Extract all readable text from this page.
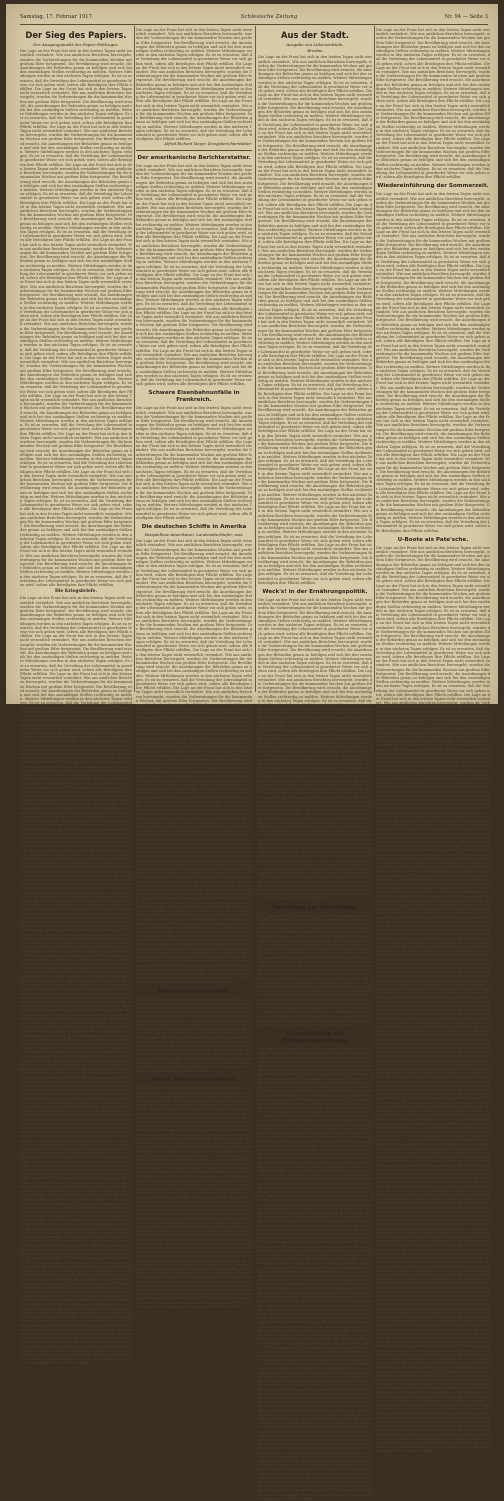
Samstag, 17. Februar 1917.	Schlesische Zeitung	Nr. 94 — Seite 3
Der Sieg des Papiers.
Der Ausgangspunkt des Papier-Feldzuges.
Die Lage an der Front hat sich in den letzten Tagen nicht wesentlich verändert. Wie aus amtlichen Berichten hervorgeht, wurden die Vorbereitungen für die kommenden Wochen mit großem Eifer fortgesetzt. Die Bevölkerung wird ersucht, die Anordnungen der Behörden genau zu befolgen und sich bei den zuständigen Stellen rechtzeitig zu melden. Weitere Mitteilungen werden in den nächsten Tagen erfolgen. Es ist zu erwarten, daß die Verteilung der Lebensmittel in geordneter Weise vor sich gehen wird, sofern alle Beteiligten ihre Pflicht erfüllen. Die Lage an der Front hat sich in den letzten Tagen nicht wesentlich verändert. Wie aus amtlichen Berichten hervorgeht, wurden die Vorbereitungen für die kommenden Wochen mit großem Eifer fortgesetzt. Die Bevölkerung wird ersucht, die Anordnungen der Behörden genau zu befolgen und sich bei den zuständigen Stellen rechtzeitig zu melden. Weitere Mitteilungen werden in den nächsten Tagen erfolgen. Es ist zu erwarten, daß die Verteilung der Lebensmittel in geordneter Weise vor sich gehen wird, sofern alle Beteiligten ihre Pflicht erfüllen. Die Lage an der Front hat sich in den letzten Tagen nicht wesentlich verändert. Wie aus amtlichen Berichten hervorgeht, wurden die Vorbereitungen für die kommenden Wochen mit großem Eifer fortgesetzt. Die Bevölkerung wird ersucht, die Anordnungen der Behörden genau zu befolgen und sich bei den zuständigen Stellen rechtzeitig zu melden. Weitere Mitteilungen werden in den nächsten Tagen erfolgen. Es ist zu erwarten, daß die Verteilung der Lebensmittel in geordneter Weise vor sich gehen wird, sofern alle Beteiligten ihre Pflicht erfüllen. Die Lage an der Front hat sich in den letzten Tagen nicht wesentlich verändert. Wie aus amtlichen Berichten hervorgeht, wurden die Vorbereitungen für die kommenden Wochen mit großem Eifer fortgesetzt. Die Bevölkerung wird ersucht, die Anordnungen der Behörden genau zu befolgen und sich bei den zuständigen Stellen rechtzeitig zu melden. Weitere Mitteilungen werden in den nächsten Tagen erfolgen. Es ist zu erwarten, daß die Verteilung der Lebensmittel in geordneter Weise vor sich gehen wird, sofern alle Beteiligten ihre Pflicht erfüllen. Die Lage an der Front hat sich in den letzten Tagen nicht wesentlich verändert. Wie aus amtlichen Berichten hervorgeht, wurden die Vorbereitungen für die kommenden Wochen mit großem Eifer fortgesetzt. Die Bevölkerung wird ersucht, die Anordnungen der Behörden genau zu befolgen und sich bei den zuständigen Stellen rechtzeitig zu melden. Weitere Mitteilungen werden in den nächsten Tagen erfolgen. Es ist zu erwarten, daß die Verteilung der Lebensmittel in geordneter Weise vor sich gehen wird, sofern alle Beteiligten ihre Pflicht erfüllen. Die Lage an der Front hat sich in den letzten Tagen nicht wesentlich verändert. Wie aus amtlichen Berichten hervorgeht, wurden die Vorbereitungen für die kommenden Wochen mit großem Eifer fortgesetzt. Die Bevölkerung wird ersucht, die Anordnungen der Behörden genau zu befolgen und sich bei den zuständigen Stellen rechtzeitig zu melden. Weitere Mitteilungen werden in den nächsten Tagen erfolgen. Es ist zu erwarten, daß die Verteilung der Lebensmittel in geordneter Weise vor sich gehen wird, sofern alle Beteiligten ihre Pflicht erfüllen. Die Lage an der Front hat sich in den letzten Tagen nicht wesentlich verändert. Wie aus amtlichen Berichten hervorgeht, wurden die Vorbereitungen für die kommenden Wochen mit großem Eifer fortgesetzt. Die Bevölkerung wird ersucht, die Anordnungen der Behörden genau zu befolgen und sich bei den zuständigen Stellen rechtzeitig zu melden. Weitere Mitteilungen werden in den nächsten Tagen erfolgen. Es ist zu erwarten, daß die Verteilung der Lebensmittel in geordneter Weise vor sich gehen wird, sofern alle Beteiligten ihre Pflicht erfüllen. Die Lage an der Front hat sich in den letzten Tagen nicht wesentlich verändert. Wie aus amtlichen Berichten hervorgeht, wurden die Vorbereitungen für die kommenden Wochen mit großem Eifer fortgesetzt. Die Bevölkerung wird ersucht, die Anordnungen der Behörden genau zu befolgen und sich bei den zuständigen Stellen rechtzeitig zu melden. Weitere Mitteilungen werden in den nächsten Tagen erfolgen. Es ist zu erwarten, daß die Verteilung der Lebensmittel in geordneter Weise vor sich gehen wird, sofern alle Beteiligten ihre Pflicht erfüllen. Die Lage an der Front hat sich in den letzten Tagen nicht wesentlich verändert. Wie aus amtlichen Berichten hervorgeht, wurden die Vorbereitungen für die kommenden Wochen mit großem Eifer fortgesetzt. Die Bevölkerung wird ersucht, die Anordnungen der Behörden genau zu befolgen und sich bei den zuständigen Stellen rechtzeitig zu melden. Weitere Mitteilungen werden in den nächsten Tagen erfolgen. Es ist zu erwarten, daß die Verteilung der Lebensmittel in geordneter Weise vor sich gehen wird, sofern alle Beteiligten ihre Pflicht erfüllen. Die Lage an der Front hat sich in den letzten Tagen nicht wesentlich verändert. Wie aus amtlichen Berichten hervorgeht, wurden die Vorbereitungen für die kommenden Wochen mit großem Eifer fortgesetzt. Die Bevölkerung wird ersucht, die Anordnungen der Behörden genau zu befolgen und sich bei den zuständigen Stellen rechtzeitig zu melden. Weitere Mitteilungen werden in den nächsten Tagen erfolgen. Es ist zu erwarten, daß die Verteilung der Lebensmittel in geordneter Weise vor sich gehen wird, sofern alle Beteiligten ihre Pflicht erfüllen. Die Lage an der Front hat sich in den letzten Tagen nicht wesentlich verändert. Wie aus amtlichen Berichten hervorgeht, wurden die Vorbereitungen für die kommenden Wochen mit großem Eifer fortgesetzt. Die Bevölkerung wird ersucht, die Anordnungen der Behörden genau zu befolgen und sich bei den zuständigen Stellen rechtzeitig zu melden. Weitere Mitteilungen werden in den nächsten Tagen erfolgen. Es ist zu erwarten, daß die Verteilung der Lebensmittel in geordneter Weise vor sich gehen wird, sofern alle Beteiligten ihre Pflicht erfüllen. Die Lage an der Front hat sich in den letzten Tagen nicht wesentlich verändert. Wie aus amtlichen Berichten hervorgeht, wurden die Vorbereitungen für die kommenden Wochen mit großem Eifer fortgesetzt. Die Bevölkerung wird ersucht, die Anordnungen der Behörden genau zu befolgen und sich bei den zuständigen Stellen rechtzeitig zu melden. Weitere Mitteilungen werden in den nächsten Tagen erfolgen. Es ist zu erwarten, daß die Verteilung der Lebensmittel in geordneter Weise vor sich gehen wird, sofern alle Beteiligten ihre Pflicht erfüllen. Die Lage an der Front hat sich in den letzten Tagen nicht wesentlich verändert. Wie aus amtlichen Berichten hervorgeht, wurden die Vorbereitungen für die kommenden Wochen mit großem Eifer fortgesetzt. Die Bevölkerung wird ersucht, die Anordnungen der Behörden genau zu befolgen und sich bei den zuständigen Stellen rechtzeitig zu melden. Weitere Mitteilungen werden in den nächsten Tagen erfolgen. Es ist zu erwarten, daß die Verteilung der Lebensmittel in geordneter Weise vor sich gehen wird, sofern alle Beteiligten ihre Pflicht erfüllen. Die Lage an der Front hat sich in den letzten Tagen nicht wesentlich verändert. Wie aus amtlichen Berichten hervorgeht, wurden die Vorbereitungen für die kommenden Wochen mit großem Eifer fortgesetzt. Die Bevölkerung wird ersucht, die Anordnungen der Behörden genau zu befolgen und sich bei den zuständigen Stellen rechtzeitig zu melden. Weitere Mitteilungen werden in den nächsten Tagen erfolgen. Es ist zu erwarten, daß die Verteilung der Lebensmittel in geordneter Weise vor sich gehen wird, sofern alle Beteiligten ihre Pflicht erfüllen.
Die Kriegsbriefe.
Die Lage an der Front hat sich in den letzten Tagen nicht wesentlich verändert. Wie aus amtlichen Berichten hervorgeht, wurden die Vorbereitungen für die kommenden Wochen mit großem Eifer fortgesetzt. Die Bevölkerung wird ersucht, die Anordnungen der Behörden genau zu befolgen und sich bei den zuständigen Stellen rechtzeitig zu melden. Weitere Mitteilungen werden in den nächsten Tagen erfolgen. Es ist zu erwarten, daß die Verteilung der Lebensmittel in geordneter Weise vor sich gehen wird, sofern alle Beteiligten ihre Pflicht erfüllen. Die Lage an der Front hat sich in den letzten Tagen nicht wesentlich verändert. Wie aus amtlichen Berichten hervorgeht, wurden die Vorbereitungen für die kommenden Wochen mit großem Eifer fortgesetzt. Die Bevölkerung wird ersucht, die Anordnungen der Behörden genau zu befolgen und sich bei den zuständigen Stellen rechtzeitig zu melden. Weitere Mitteilungen werden in den nächsten Tagen erfolgen. Es ist zu erwarten, daß die Verteilung der Lebensmittel in geordneter Weise vor sich gehen wird, sofern alle Beteiligten ihre Pflicht erfüllen. Die Lage an der Front hat sich in den letzten Tagen nicht wesentlich verändert. Wie aus amtlichen Berichten hervorgeht, wurden die Vorbereitungen für die kommenden Wochen mit großem Eifer fortgesetzt. Die Bevölkerung wird ersucht, die Anordnungen der Behörden genau zu befolgen und sich bei den zuständigen Stellen rechtzeitig zu melden. Weitere Mitteilungen werden in den nächsten Tagen erfolgen. Es ist zu erwarten, daß die Verteilung der Lebensmittel in geordneter Weise vor sich gehen wird, sofern alle Beteiligten ihre Pflicht erfüllen. Die Lage an der Front hat sich in den letzten Tagen nicht wesentlich verändert. Wie aus amtlichen Berichten hervorgeht, wurden die Vorbereitungen für die kommenden Wochen mit großem Eifer fortgesetzt. Die Bevölkerung wird ersucht, die Anordnungen der Behörden genau zu befolgen und sich bei den zuständigen Stellen rechtzeitig zu melden. Weitere Mitteilungen werden in den nächsten Tagen erfolgen. Es ist zu erwarten, daß die Verteilung der Lebensmittel in geordneter Weise vor sich gehen wird, sofern alle Beteiligten ihre Pflicht erfüllen. Die Lage an der Front hat sich in den letzten Tagen nicht wesentlich verändert. Wie aus amtlichen Berichten hervorgeht, wurden die Vorbereitungen für die kommenden Wochen mit großem Eifer fortgesetzt. Die Bevölkerung wird ersucht, die Anordnungen der Behörden genau zu befolgen und sich bei den zuständigen Stellen rechtzeitig zu melden. Weitere Mitteilungen werden in den nächsten Tagen erfolgen. Es ist zu erwarten, daß die Verteilung der Lebensmittel in geordneter Weise vor sich gehen wird, sofern alle Beteiligten ihre Pflicht erfüllen. Die Lage an der Front hat sich in den letzten Tagen nicht wesentlich verändert. Wie aus amtlichen Berichten hervorgeht, wurden die Vorbereitungen für die kommenden Wochen mit großem Eifer fortgesetzt. Die Bevölkerung wird ersucht, die Anordnungen der Behörden genau zu befolgen und sich bei den zuständigen Stellen rechtzeitig zu melden. Weitere Mitteilungen werden in den nächsten Tagen erfolgen. Es ist zu erwarten, daß die Verteilung der Lebensmittel in geordneter Weise vor sich gehen wird, sofern alle Beteiligten ihre Pflicht erfüllen. Die Lage an der Front hat sich in den letzten Tagen nicht wesentlich verändert. Wie aus amtlichen Berichten hervorgeht, wurden die Vorbereitungen für die kommenden Wochen mit großem Eifer fortgesetzt. Die Bevölkerung wird ersucht, die Anordnungen der Behörden genau zu befolgen und sich bei den zuständigen Stellen rechtzeitig zu melden. Weitere Mitteilungen werden in den nächsten Tagen erfolgen. Es ist zu erwarten, daß die Verteilung der Lebensmittel in geordneter Weise vor sich gehen wird, sofern alle Beteiligten ihre Pflicht erfüllen. Die Lage an der Front hat sich in den letzten Tagen nicht wesentlich verändert. Wie aus amtlichen Berichten hervorgeht, wurden die Vorbereitungen für die kommenden Wochen mit großem Eifer fortgesetzt. Die Bevölkerung wird ersucht, die Anordnungen der Behörden genau zu befolgen und sich bei den zuständigen Stellen rechtzeitig zu melden. Weitere Mitteilungen werden in den nächsten Tagen erfolgen. Es ist zu erwarten, daß die Verteilung der Lebensmittel in geordneter Weise vor sich gehen wird, sofern alle Beteiligten ihre Pflicht erfüllen. Die Lage an der Front hat sich in den letzten Tagen nicht wesentlich verändert. Wie aus amtlichen Berichten hervorgeht, wurden die Vorbereitungen für die kommenden Wochen mit großem Eifer fortgesetzt. Die Bevölkerung wird ersucht, die Anordnungen der Behörden genau zu befolgen und sich bei den zuständigen Stellen rechtzeitig zu melden. Weitere Mitteilungen werden in den nächsten Tagen erfolgen. Es ist zu erwarten, daß die Verteilung der Lebensmittel in geordneter Weise vor sich gehen wird, sofern alle Beteiligten ihre Pflicht erfüllen. Die Lage an der Front hat sich in den letzten Tagen nicht wesentlich verändert. Wie aus amtlichen Berichten hervorgeht, wurden die Vorbereitungen für die kommenden Wochen mit großem Eifer fortgesetzt. Die Bevölkerung wird ersucht, die Anordnungen der Behörden genau zu befolgen und sich bei den zuständigen Stellen rechtzeitig zu melden. Weitere Mitteilungen werden in den nächsten Tagen erfolgen. Es ist zu erwarten, daß die Verteilung der Lebensmittel in geordneter Weise vor sich gehen wird, sofern alle Beteiligten ihre Pflicht erfüllen. Die Lage an der Front hat sich in den letzten Tagen nicht wesentlich verändert. Wie aus amtlichen Berichten hervorgeht, wurden die Vorbereitungen für die kommenden Wochen mit großem Eifer fortgesetzt. Die Bevölkerung wird ersucht, die Anordnungen der Behörden genau zu befolgen und sich bei den zuständigen Stellen rechtzeitig zu melden. Weitere Mitteilungen werden in den nächsten Tagen erfolgen. Es ist zu erwarten, daß die Verteilung der Lebensmittel in geordneter Weise vor sich gehen wird, sofern alle Beteiligten ihre Pflicht erfüllen. Die Lage an der Front hat sich in den letzten Tagen nicht wesentlich verändert. Wie aus amtlichen Berichten hervorgeht, wurden die Vorbereitungen für die kommenden Wochen mit großem Eifer fortgesetzt. Die Bevölkerung wird ersucht, die Anordnungen der Behörden genau zu befolgen und sich bei den zuständigen Stellen rechtzeitig zu melden. Weitere Mitteilungen werden in den nächsten Tagen erfolgen. Es ist zu erwarten, daß die Verteilung der Lebensmittel in geordneter Weise vor sich gehen wird, sofern alle Beteiligten ihre Pflicht erfüllen. Die Lage an der Front hat sich in den letzten Tagen nicht wesentlich verändert. Wie aus amtlichen Berichten hervorgeht, wurden die Vorbereitungen für die kommenden Wochen mit großem Eifer fortgesetzt. Die Bevölkerung wird ersucht, die Anordnungen der Behörden genau zu befolgen und sich bei den zuständigen Stellen rechtzeitig zu melden. Weitere Mitteilungen werden in den nächsten Tagen erfolgen. Es ist zu erwarten, daß die Verteilung der Lebensmittel in geordneter Weise vor sich gehen wird, sofern alle Beteiligten ihre Pflicht erfüllen. Die Lage an der Front hat sich in den letzten Tagen nicht wesentlich verändert. Wie aus amtlichen Berichten hervorgeht, wurden die Vorbereitungen für die kommenden Wochen mit großem Eifer fortgesetzt. Die Bevölkerung wird ersucht, die Anordnungen der Behörden genau zu befolgen und sich bei den zuständigen Stellen rechtzeitig zu melden. Weitere Mitteilungen werden in den nächsten Tagen erfolgen. Es ist zu erwarten, daß die Verteilung der Lebensmittel in geordneter Weise vor sich gehen wird, sofern alle Beteiligten ihre Pflicht erfüllen. Die Lage an der Front hat sich in den letzten Tagen nicht wesentlich verändert. Wie aus amtlichen Berichten hervorgeht, wurden die Vorbereitungen für die kommenden Wochen mit großem Eifer fortgesetzt. Die Bevölkerung wird ersucht, die Anordnungen der Behörden genau zu befolgen und sich bei den zuständigen Stellen rechtzeitig zu melden. Weitere Mitteilungen werden in den nächsten Tagen erfolgen. Es ist zu erwarten, daß die Verteilung der Lebensmittel in geordneter Weise vor sich gehen wird, sofern alle Beteiligten ihre Pflicht erfüllen. Die Lage an der Front hat sich in den letzten Tagen nicht wesentlich verändert. Wie aus amtlichen Berichten hervorgeht, wurden die Vorbereitungen für die kommenden Wochen mit großem Eifer fortgesetzt. Die Bevölkerung wird ersucht, die Anordnungen der Behörden genau zu befolgen und sich bei den zuständigen Stellen rechtzeitig zu melden. Weitere Mitteilungen werden in den nächsten Tagen erfolgen. Es ist zu erwarten, daß die Verteilung der Lebensmittel in geordneter Weise vor sich gehen wird, sofern alle Beteiligten ihre Pflicht erfüllen. Die Lage an der Front hat sich in den letzten Tagen nicht wesentlich verändert. Wie aus amtlichen Berichten hervorgeht, wurden die Vorbereitungen für die kommenden Wochen mit großem Eifer fortgesetzt. Die Bevölkerung wird ersucht, die Anordnungen der Behörden genau zu befolgen und sich bei den zuständigen Stellen rechtzeitig zu melden. Weitere Mitteilungen werden in den nächsten Tagen erfolgen. Es ist zu erwarten, daß die Verteilung der Lebensmittel in geordneter Weise vor sich gehen wird, sofern alle Beteiligten ihre Pflicht erfüllen. Die Lage an der Front hat sich in den letzten Tagen nicht wesentlich verändert. Wie aus amtlichen Berichten hervorgeht, wurden die Vorbereitungen für die kommenden Wochen mit großem Eifer fortgesetzt. Die Bevölkerung wird ersucht, die Anordnungen der Behörden genau zu befolgen und sich bei den zuständigen Stellen rechtzeitig zu melden. Weitere Mitteilungen werden in den nächsten Tagen erfolgen. Es ist zu erwarten, daß die Verteilung der Lebensmittel in geordneter Weise vor sich gehen wird, sofern alle Beteiligten ihre Pflicht erfüllen. Die Lage an der Front hat sich in den letzten Tagen nicht wesentlich verändert. Wie aus amtlichen Berichten hervorgeht, wurden die Vorbereitungen für die kommenden Wochen mit großem Eifer fortgesetzt. Die Bevölkerung wird ersucht, die Anordnungen der Behörden genau zu befolgen und sich bei den zuständigen Stellen rechtzeitig zu melden. Weitere Mitteilungen werden in den nächsten Tagen erfolgen. Es ist zu erwarten, daß die Verteilung der Lebensmittel in geordneter Weise vor sich gehen wird, sofern alle Beteiligten ihre Pflicht erfüllen. Die Lage an der Front hat sich in den letzten Tagen nicht wesentlich verändert. Wie aus amtlichen Berichten hervorgeht, wurden die Vorbereitungen für die kommenden Wochen mit großem Eifer fortgesetzt. Die Bevölkerung wird ersucht, die Anordnungen der Behörden genau zu befolgen und sich bei den zuständigen Stellen rechtzeitig zu melden. Weitere Mitteilungen werden in den nächsten Tagen erfolgen. Es ist zu erwarten, daß die Verteilung der Lebensmittel in geordneter Weise vor sich gehen wird, sofern alle Beteiligten ihre Pflicht erfüllen.
Die Lage an der Front hat sich in den letzten Tagen nicht wesentlich verändert. Wie aus amtlichen Berichten hervorgeht, wurden die Vorbereitungen für die kommenden Wochen mit großem Eifer fortgesetzt. Die Bevölkerung wird ersucht, die Anordnungen der Behörden genau zu befolgen und sich bei den zuständigen Stellen rechtzeitig zu melden. Weitere Mitteilungen werden in den nächsten Tagen erfolgen. Es ist zu erwarten, daß die Verteilung der Lebensmittel in geordneter Weise vor sich gehen wird, sofern alle Beteiligten ihre Pflicht erfüllen. Die Lage an der Front hat sich in den letzten Tagen nicht wesentlich verändert. Wie aus amtlichen Berichten hervorgeht, wurden die Vorbereitungen für die kommenden Wochen mit großem Eifer fortgesetzt. Die Bevölkerung wird ersucht, die Anordnungen der Behörden genau zu befolgen und sich bei den zuständigen Stellen rechtzeitig zu melden. Weitere Mitteilungen werden in den nächsten Tagen erfolgen. Es ist zu erwarten, daß die Verteilung der Lebensmittel in geordneter Weise vor sich gehen wird, sofern alle Beteiligten ihre Pflicht erfüllen. Die Lage an der Front hat sich in den letzten Tagen nicht wesentlich verändert. Wie aus amtlichen Berichten hervorgeht, wurden die Vorbereitungen für die kommenden Wochen mit großem Eifer fortgesetzt. Die Bevölkerung wird ersucht, die Anordnungen der Behörden genau zu befolgen und sich bei den zuständigen Stellen rechtzeitig zu melden. Weitere Mitteilungen werden in den nächsten Tagen erfolgen. Es ist zu erwarten, daß die Verteilung der Lebensmittel in geordneter Weise vor sich gehen wird, sofern alle Beteiligten ihre Pflicht erfüllen.
Alfred Richard Meyer, Kriegsberichterstatter.
Der amerikanische Berichterstatter.
Die Lage an der Front hat sich in den letzten Tagen nicht wesentlich verändert. Wie aus amtlichen Berichten hervorgeht, wurden die Vorbereitungen für die kommenden Wochen mit großem Eifer fortgesetzt. Die Bevölkerung wird ersucht, die Anordnungen der Behörden genau zu befolgen und sich bei den zuständigen Stellen rechtzeitig zu melden. Weitere Mitteilungen werden in den nächsten Tagen erfolgen. Es ist zu erwarten, daß die Verteilung der Lebensmittel in geordneter Weise vor sich gehen wird, sofern alle Beteiligten ihre Pflicht erfüllen. Die Lage an der Front hat sich in den letzten Tagen nicht wesentlich verändert. Wie aus amtlichen Berichten hervorgeht, wurden die Vorbereitungen für die kommenden Wochen mit großem Eifer fortgesetzt. Die Bevölkerung wird ersucht, die Anordnungen der Behörden genau zu befolgen und sich bei den zuständigen Stellen rechtzeitig zu melden. Weitere Mitteilungen werden in den nächsten Tagen erfolgen. Es ist zu erwarten, daß die Verteilung der Lebensmittel in geordneter Weise vor sich gehen wird, sofern alle Beteiligten ihre Pflicht erfüllen. Die Lage an der Front hat sich in den letzten Tagen nicht wesentlich verändert. Wie aus amtlichen Berichten hervorgeht, wurden die Vorbereitungen für die kommenden Wochen mit großem Eifer fortgesetzt. Die Bevölkerung wird ersucht, die Anordnungen der Behörden genau zu befolgen und sich bei den zuständigen Stellen rechtzeitig zu melden. Weitere Mitteilungen werden in den nächsten Tagen erfolgen. Es ist zu erwarten, daß die Verteilung der Lebensmittel in geordneter Weise vor sich gehen wird, sofern alle Beteiligten ihre Pflicht erfüllen. Die Lage an der Front hat sich in den letzten Tagen nicht wesentlich verändert. Wie aus amtlichen Berichten hervorgeht, wurden die Vorbereitungen für die kommenden Wochen mit großem Eifer fortgesetzt. Die Bevölkerung wird ersucht, die Anordnungen der Behörden genau zu befolgen und sich bei den zuständigen Stellen rechtzeitig zu melden. Weitere Mitteilungen werden in den nächsten Tagen erfolgen. Es ist zu erwarten, daß die Verteilung der Lebensmittel in geordneter Weise vor sich gehen wird, sofern alle Beteiligten ihre Pflicht erfüllen. Die Lage an der Front hat sich in den letzten Tagen nicht wesentlich verändert. Wie aus amtlichen Berichten hervorgeht, wurden die Vorbereitungen für die kommenden Wochen mit großem Eifer fortgesetzt. Die Bevölkerung wird ersucht, die Anordnungen der Behörden genau zu befolgen und sich bei den zuständigen Stellen rechtzeitig zu melden. Weitere Mitteilungen werden in den nächsten Tagen erfolgen. Es ist zu erwarten, daß die Verteilung der Lebensmittel in geordneter Weise vor sich gehen wird, sofern alle Beteiligten ihre Pflicht erfüllen. Die Lage an der Front hat sich in den letzten Tagen nicht wesentlich verändert. Wie aus amtlichen Berichten hervorgeht, wurden die Vorbereitungen für die kommenden Wochen mit großem Eifer fortgesetzt. Die Bevölkerung wird ersucht, die Anordnungen der Behörden genau zu befolgen und sich bei den zuständigen Stellen rechtzeitig zu melden. Weitere Mitteilungen werden in den nächsten Tagen erfolgen. Es ist zu erwarten, daß die Verteilung der Lebensmittel in geordneter Weise vor sich gehen wird, sofern alle Beteiligten ihre Pflicht erfüllen.
Schwere Eisenbahnunfälle in Frankreich.
Die Lage an der Front hat sich in den letzten Tagen nicht wesentlich verändert. Wie aus amtlichen Berichten hervorgeht, wurden die Vorbereitungen für die kommenden Wochen mit großem Eifer fortgesetzt. Die Bevölkerung wird ersucht, die Anordnungen der Behörden genau zu befolgen und sich bei den zuständigen Stellen rechtzeitig zu melden. Weitere Mitteilungen werden in den nächsten Tagen erfolgen. Es ist zu erwarten, daß die Verteilung der Lebensmittel in geordneter Weise vor sich gehen wird, sofern alle Beteiligten ihre Pflicht erfüllen. Die Lage an der Front hat sich in den letzten Tagen nicht wesentlich verändert. Wie aus amtlichen Berichten hervorgeht, wurden die Vorbereitungen für die kommenden Wochen mit großem Eifer fortgesetzt. Die Bevölkerung wird ersucht, die Anordnungen der Behörden genau zu befolgen und sich bei den zuständigen Stellen rechtzeitig zu melden. Weitere Mitteilungen werden in den nächsten Tagen erfolgen. Es ist zu erwarten, daß die Verteilung der Lebensmittel in geordneter Weise vor sich gehen wird, sofern alle Beteiligten ihre Pflicht erfüllen. Die Lage an der Front hat sich in den letzten Tagen nicht wesentlich verändert. Wie aus amtlichen Berichten hervorgeht, wurden die Vorbereitungen für die kommenden Wochen mit großem Eifer fortgesetzt. Die Bevölkerung wird ersucht, die Anordnungen der Behörden genau zu befolgen und sich bei den zuständigen Stellen rechtzeitig zu melden. Weitere Mitteilungen werden in den nächsten Tagen erfolgen. Es ist zu erwarten, daß die Verteilung der Lebensmittel in geordneter Weise vor sich gehen wird, sofern alle Beteiligten ihre Pflicht erfüllen.
Die deutschen Schiffe in Amerika
Beispiellose Amerikaner, Landesüberläufer, usw.
Die Lage an der Front hat sich in den letzten Tagen nicht wesentlich verändert. Wie aus amtlichen Berichten hervorgeht, wurden die Vorbereitungen für die kommenden Wochen mit großem Eifer fortgesetzt. Die Bevölkerung wird ersucht, die Anordnungen der Behörden genau zu befolgen und sich bei den zuständigen Stellen rechtzeitig zu melden. Weitere Mitteilungen werden in den nächsten Tagen erfolgen. Es ist zu erwarten, daß die Verteilung der Lebensmittel in geordneter Weise vor sich gehen wird, sofern alle Beteiligten ihre Pflicht erfüllen. Die Lage an der Front hat sich in den letzten Tagen nicht wesentlich verändert. Wie aus amtlichen Berichten hervorgeht, wurden die Vorbereitungen für die kommenden Wochen mit großem Eifer fortgesetzt. Die Bevölkerung wird ersucht, die Anordnungen der Behörden genau zu befolgen und sich bei den zuständigen Stellen rechtzeitig zu melden. Weitere Mitteilungen werden in den nächsten Tagen erfolgen. Es ist zu erwarten, daß die Verteilung der Lebensmittel in geordneter Weise vor sich gehen wird, sofern alle Beteiligten ihre Pflicht erfüllen. Die Lage an der Front hat sich in den letzten Tagen nicht wesentlich verändert. Wie aus amtlichen Berichten hervorgeht, wurden die Vorbereitungen für die kommenden Wochen mit großem Eifer fortgesetzt. Die Bevölkerung wird ersucht, die Anordnungen der Behörden genau zu befolgen und sich bei den zuständigen Stellen rechtzeitig zu melden. Weitere Mitteilungen werden in den nächsten Tagen erfolgen. Es ist zu erwarten, daß die Verteilung der Lebensmittel in geordneter Weise vor sich gehen wird, sofern alle Beteiligten ihre Pflicht erfüllen. Die Lage an der Front hat sich in den letzten Tagen nicht wesentlich verändert. Wie aus amtlichen Berichten hervorgeht, wurden die Vorbereitungen für die kommenden Wochen mit großem Eifer fortgesetzt. Die Bevölkerung wird ersucht, die Anordnungen der Behörden genau zu befolgen und sich bei den zuständigen Stellen rechtzeitig zu melden. Weitere Mitteilungen werden in den nächsten Tagen erfolgen. Es ist zu erwarten, daß die Verteilung der Lebensmittel in geordneter Weise vor sich gehen wird, sofern alle Beteiligten ihre Pflicht erfüllen. Die Lage an der Front hat sich in den letzten Tagen nicht wesentlich verändert. Wie aus amtlichen Berichten hervorgeht, wurden die Vorbereitungen für die kommenden Wochen mit großem Eifer fortgesetzt. Die Bevölkerung wird ersucht, die Anordnungen der Behörden genau zu befolgen und sich bei den zuständigen Stellen rechtzeitig zu melden. Weitere Mitteilungen werden in den nächsten Tagen erfolgen. Es ist zu erwarten, daß die Verteilung der Lebensmittel in geordneter Weise vor sich gehen wird, sofern alle Beteiligten ihre Pflicht erfüllen. Die Lage an der Front hat sich in den letzten Tagen nicht wesentlich verändert. Wie aus amtlichen Berichten hervorgeht, wurden die Vorbereitungen für die kommenden Wochen mit großem Eifer fortgesetzt. Die Bevölkerung wird ersucht, die Anordnungen der Behörden genau zu befolgen und sich bei den zuständigen Stellen rechtzeitig zu melden. Weitere Mitteilungen werden in den nächsten Tagen erfolgen. Es ist zu erwarten, daß die Verteilung der Lebensmittel in geordneter Weise vor sich gehen wird, sofern alle Beteiligten ihre Pflicht erfüllen. Die Lage an der Front hat sich in den letzten Tagen nicht wesentlich verändert. Wie aus amtlichen Berichten hervorgeht, wurden die Vorbereitungen für die kommenden Wochen mit großem Eifer fortgesetzt. Die Bevölkerung wird ersucht, die Anordnungen der Behörden genau zu befolgen und sich bei den zuständigen Stellen rechtzeitig zu melden. Weitere Mitteilungen werden in den nächsten Tagen erfolgen. Es ist zu erwarten, daß die Verteilung der Lebensmittel in geordneter Weise vor sich gehen wird, sofern alle Beteiligten ihre Pflicht erfüllen. Die Lage an der Front hat sich in den letzten Tagen nicht wesentlich verändert. Wie aus amtlichen Berichten hervorgeht, wurden die Vorbereitungen für die kommenden Wochen mit großem Eifer fortgesetzt. Die Bevölkerung wird ersucht, die Anordnungen der Behörden genau zu befolgen und sich bei den zuständigen Stellen rechtzeitig zu melden. Weitere Mitteilungen werden in den nächsten Tagen erfolgen. Es ist zu erwarten, daß die Verteilung der Lebensmittel in geordneter Weise vor sich gehen wird, sofern alle Beteiligten ihre Pflicht erfüllen. Die Lage an der Front hat sich in den letzten Tagen nicht wesentlich verändert. Wie aus amtlichen Berichten hervorgeht, wurden die Vorbereitungen für die kommenden Wochen mit großem Eifer fortgesetzt. Die Bevölkerung wird ersucht, die Anordnungen der Behörden genau zu befolgen und sich bei den zuständigen Stellen rechtzeitig zu melden. Weitere Mitteilungen werden in den nächsten Tagen erfolgen. Es ist zu erwarten, daß die Verteilung der Lebensmittel in geordneter Weise vor sich gehen wird, sofern alle Beteiligten ihre Pflicht erfüllen. Die Lage an der Front hat sich in den letzten Tagen nicht wesentlich verändert. Wie aus amtlichen Berichten hervorgeht, wurden die Vorbereitungen für die kommenden Wochen mit großem Eifer fortgesetzt. Die Bevölkerung wird ersucht, die Anordnungen der Behörden genau zu befolgen und sich bei den zuständigen Stellen rechtzeitig zu melden. Weitere Mitteilungen werden in den nächsten Tagen erfolgen. Es ist zu erwarten, daß die Verteilung der Lebensmittel in geordneter Weise vor sich gehen wird, sofern alle Beteiligten ihre Pflicht erfüllen. Die Lage an der Front hat sich in den letzten Tagen nicht wesentlich verändert. Wie aus amtlichen Berichten hervorgeht, wurden die Vorbereitungen für die kommenden Wochen mit großem Eifer fortgesetzt. Die Bevölkerung wird ersucht, die Anordnungen der Behörden genau zu befolgen und sich bei den zuständigen Stellen rechtzeitig zu melden. Weitere Mitteilungen werden in den nächsten Tagen erfolgen. Es ist zu erwarten, daß die Verteilung der Lebensmittel in geordneter Weise vor sich gehen wird, sofern alle Beteiligten ihre Pflicht erfüllen. Die Lage an der Front hat sich in den letzten Tagen nicht wesentlich verändert. Wie aus amtlichen Berichten hervorgeht, wurden die Vorbereitungen für die kommenden Wochen mit großem Eifer fortgesetzt. Die Bevölkerung wird ersucht, die Anordnungen der Behörden genau zu befolgen und sich bei den zuständigen Stellen rechtzeitig zu melden. Weitere Mitteilungen werden in den nächsten Tagen erfolgen. Es ist zu erwarten, daß die Verteilung der Lebensmittel in geordneter Weise vor sich gehen wird, sofern alle Beteiligten ihre Pflicht erfüllen.
Hochschulnachrichten.
Die Lage an der Front hat sich in den letzten Tagen nicht wesentlich verändert. Wie aus amtlichen Berichten hervorgeht, wurden die Vorbereitungen für die kommenden Wochen mit großem Eifer fortgesetzt. Die Bevölkerung wird ersucht, die Anordnungen der Behörden genau zu befolgen und sich bei den zuständigen Stellen rechtzeitig zu melden. Weitere Mitteilungen werden in den nächsten Tagen erfolgen. Es ist zu erwarten, daß die Verteilung der Lebensmittel in geordneter Weise vor sich gehen wird, sofern alle Beteiligten ihre Pflicht erfüllen. Die Lage an der Front hat sich in den letzten Tagen nicht wesentlich verändert. Wie aus amtlichen Berichten hervorgeht, wurden die Vorbereitungen für die kommenden Wochen mit großem Eifer fortgesetzt. Die Bevölkerung wird ersucht, die Anordnungen der Behörden genau zu befolgen und sich bei den zuständigen Stellen rechtzeitig zu melden. Weitere Mitteilungen werden in den nächsten Tagen erfolgen. Es ist zu erwarten, daß die Verteilung der Lebensmittel in geordneter Weise vor sich gehen wird, sofern alle Beteiligten ihre Pflicht erfüllen.
Kleine Theaternachrichten.
Die Lage an der Front hat sich in den letzten Tagen nicht wesentlich verändert. Wie aus amtlichen Berichten hervorgeht, wurden die Vorbereitungen für die kommenden Wochen mit großem Eifer fortgesetzt. Die Bevölkerung wird ersucht, die Anordnungen der Behörden genau zu befolgen und sich bei den zuständigen Stellen rechtzeitig zu melden. Weitere Mitteilungen werden in den nächsten Tagen erfolgen. Es ist zu erwarten, daß die Verteilung der Lebensmittel in geordneter Weise vor sich gehen wird, sofern alle Beteiligten ihre Pflicht erfüllen. Die Lage an der Front hat sich in den letzten Tagen nicht wesentlich verändert. Wie aus amtlichen Berichten hervorgeht, wurden die Vorbereitungen für die kommenden Wochen mit großem Eifer fortgesetzt. Die Bevölkerung wird ersucht, die Anordnungen der Behörden genau zu befolgen und sich bei den zuständigen Stellen rechtzeitig zu melden. Weitere Mitteilungen werden in den nächsten Tagen erfolgen. Es ist zu erwarten, daß die Verteilung der Lebensmittel in geordneter Weise vor sich gehen wird, sofern alle Beteiligten ihre Pflicht erfüllen. Die Lage an der Front hat sich in den letzten Tagen nicht wesentlich verändert. Wie aus amtlichen Berichten hervorgeht, wurden die Vorbereitungen für die kommenden Wochen mit großem Eifer fortgesetzt. Die Bevölkerung wird ersucht, die Anordnungen der Behörden genau zu befolgen und sich bei den zuständigen Stellen rechtzeitig zu melden. Weitere Mitteilungen werden in den nächsten Tagen erfolgen. Es ist zu erwarten, daß die Verteilung der Lebensmittel in geordneter Weise vor sich gehen wird, sofern alle Beteiligten ihre Pflicht erfüllen. Die Lage an der Front hat sich in den letzten Tagen nicht wesentlich verändert. Wie aus amtlichen Berichten hervorgeht, wurden die Vorbereitungen für die kommenden Wochen mit großem Eifer fortgesetzt. Die Bevölkerung wird ersucht, die Anordnungen der Behörden genau zu befolgen und sich bei den zuständigen Stellen rechtzeitig zu melden. Weitere Mitteilungen werden in den nächsten Tagen erfolgen. Es ist zu erwarten, daß die Verteilung der Lebensmittel in geordneter Weise vor sich gehen wird, sofern alle Beteiligten ihre Pflicht erfüllen. Die Lage an der Front hat sich in den letzten Tagen nicht wesentlich verändert. Wie aus amtlichen Berichten hervorgeht, wurden die Vorbereitungen für die kommenden Wochen mit großem Eifer fortgesetzt. Die Bevölkerung wird ersucht, die Anordnungen der Behörden genau zu befolgen und sich bei den zuständigen Stellen rechtzeitig zu melden. Weitere Mitteilungen werden in den nächsten Tagen erfolgen. Es ist zu erwarten, daß die Verteilung der Lebensmittel in geordneter Weise vor sich gehen wird, sofern alle Beteiligten ihre Pflicht erfüllen. Die Lage an der Front hat sich in den letzten Tagen nicht wesentlich verändert. Wie aus amtlichen Berichten hervorgeht, wurden die Vorbereitungen für die kommenden Wochen mit großem Eifer fortgesetzt. Die Bevölkerung wird ersucht, die Anordnungen der Behörden genau zu befolgen und sich bei den zuständigen Stellen rechtzeitig zu melden. Weitere Mitteilungen werden in den nächsten Tagen erfolgen. Es ist zu erwarten, daß die Verteilung der Lebensmittel in geordneter Weise vor sich gehen wird, sofern alle Beteiligten ihre Pflicht erfüllen.
Aus der Stadt.
Ausgabe von Lebensmitteln.
Breslau
Die Lage an der Front hat sich in den letzten Tagen nicht wesentlich verändert. Wie aus amtlichen Berichten hervorgeht, wurden die Vorbereitungen für die kommenden Wochen mit großem Eifer fortgesetzt. Die Bevölkerung wird ersucht, die Anordnungen der Behörden genau zu befolgen und sich bei den zuständigen Stellen rechtzeitig zu melden. Weitere Mitteilungen werden in den nächsten Tagen erfolgen. Es ist zu erwarten, daß die Verteilung der Lebensmittel in geordneter Weise vor sich gehen wird, sofern alle Beteiligten ihre Pflicht erfüllen. Die Lage an der Front hat sich in den letzten Tagen nicht wesentlich verändert. Wie aus amtlichen Berichten hervorgeht, wurden die Vorbereitungen für die kommenden Wochen mit großem Eifer fortgesetzt. Die Bevölkerung wird ersucht, die Anordnungen der Behörden genau zu befolgen und sich bei den zuständigen Stellen rechtzeitig zu melden. Weitere Mitteilungen werden in den nächsten Tagen erfolgen. Es ist zu erwarten, daß die Verteilung der Lebensmittel in geordneter Weise vor sich gehen wird, sofern alle Beteiligten ihre Pflicht erfüllen. Die Lage an der Front hat sich in den letzten Tagen nicht wesentlich verändert. Wie aus amtlichen Berichten hervorgeht, wurden die Vorbereitungen für die kommenden Wochen mit großem Eifer fortgesetzt. Die Bevölkerung wird ersucht, die Anordnungen der Behörden genau zu befolgen und sich bei den zuständigen Stellen rechtzeitig zu melden. Weitere Mitteilungen werden in den nächsten Tagen erfolgen. Es ist zu erwarten, daß die Verteilung der Lebensmittel in geordneter Weise vor sich gehen wird, sofern alle Beteiligten ihre Pflicht erfüllen. Die Lage an der Front hat sich in den letzten Tagen nicht wesentlich verändert. Wie aus amtlichen Berichten hervorgeht, wurden die Vorbereitungen für die kommenden Wochen mit großem Eifer fortgesetzt. Die Bevölkerung wird ersucht, die Anordnungen der Behörden genau zu befolgen und sich bei den zuständigen Stellen rechtzeitig zu melden. Weitere Mitteilungen werden in den nächsten Tagen erfolgen. Es ist zu erwarten, daß die Verteilung der Lebensmittel in geordneter Weise vor sich gehen wird, sofern alle Beteiligten ihre Pflicht erfüllen. Die Lage an der Front hat sich in den letzten Tagen nicht wesentlich verändert. Wie aus amtlichen Berichten hervorgeht, wurden die Vorbereitungen für die kommenden Wochen mit großem Eifer fortgesetzt. Die Bevölkerung wird ersucht, die Anordnungen der Behörden genau zu befolgen und sich bei den zuständigen Stellen rechtzeitig zu melden. Weitere Mitteilungen werden in den nächsten Tagen erfolgen. Es ist zu erwarten, daß die Verteilung der Lebensmittel in geordneter Weise vor sich gehen wird, sofern alle Beteiligten ihre Pflicht erfüllen. Die Lage an der Front hat sich in den letzten Tagen nicht wesentlich verändert. Wie aus amtlichen Berichten hervorgeht, wurden die Vorbereitungen für die kommenden Wochen mit großem Eifer fortgesetzt. Die Bevölkerung wird ersucht, die Anordnungen der Behörden genau zu befolgen und sich bei den zuständigen Stellen rechtzeitig zu melden. Weitere Mitteilungen werden in den nächsten Tagen erfolgen. Es ist zu erwarten, daß die Verteilung der Lebensmittel in geordneter Weise vor sich gehen wird, sofern alle Beteiligten ihre Pflicht erfüllen. Die Lage an der Front hat sich in den letzten Tagen nicht wesentlich verändert. Wie aus amtlichen Berichten hervorgeht, wurden die Vorbereitungen für die kommenden Wochen mit großem Eifer fortgesetzt. Die Bevölkerung wird ersucht, die Anordnungen der Behörden genau zu befolgen und sich bei den zuständigen Stellen rechtzeitig zu melden. Weitere Mitteilungen werden in den nächsten Tagen erfolgen. Es ist zu erwarten, daß die Verteilung der Lebensmittel in geordneter Weise vor sich gehen wird, sofern alle Beteiligten ihre Pflicht erfüllen. Die Lage an der Front hat sich in den letzten Tagen nicht wesentlich verändert. Wie aus amtlichen Berichten hervorgeht, wurden die Vorbereitungen für die kommenden Wochen mit großem Eifer fortgesetzt. Die Bevölkerung wird ersucht, die Anordnungen der Behörden genau zu befolgen und sich bei den zuständigen Stellen rechtzeitig zu melden. Weitere Mitteilungen werden in den nächsten Tagen erfolgen. Es ist zu erwarten, daß die Verteilung der Lebensmittel in geordneter Weise vor sich gehen wird, sofern alle Beteiligten ihre Pflicht erfüllen. Die Lage an der Front hat sich in den letzten Tagen nicht wesentlich verändert. Wie aus amtlichen Berichten hervorgeht, wurden die Vorbereitungen für die kommenden Wochen mit großem Eifer fortgesetzt. Die Bevölkerung wird ersucht, die Anordnungen der Behörden genau zu befolgen und sich bei den zuständigen Stellen rechtzeitig zu melden. Weitere Mitteilungen werden in den nächsten Tagen erfolgen. Es ist zu erwarten, daß die Verteilung der Lebensmittel in geordneter Weise vor sich gehen wird, sofern alle Beteiligten ihre Pflicht erfüllen. Die Lage an der Front hat sich in den letzten Tagen nicht wesentlich verändert. Wie aus amtlichen Berichten hervorgeht, wurden die Vorbereitungen für die kommenden Wochen mit großem Eifer fortgesetzt. Die Bevölkerung wird ersucht, die Anordnungen der Behörden genau zu befolgen und sich bei den zuständigen Stellen rechtzeitig zu melden. Weitere Mitteilungen werden in den nächsten Tagen erfolgen. Es ist zu erwarten, daß die Verteilung der Lebensmittel in geordneter Weise vor sich gehen wird, sofern alle Beteiligten ihre Pflicht erfüllen. Die Lage an der Front hat sich in den letzten Tagen nicht wesentlich verändert. Wie aus amtlichen Berichten hervorgeht, wurden die Vorbereitungen für die kommenden Wochen mit großem Eifer fortgesetzt. Die Bevölkerung wird ersucht, die Anordnungen der Behörden genau zu befolgen und sich bei den zuständigen Stellen rechtzeitig zu melden. Weitere Mitteilungen werden in den nächsten Tagen erfolgen. Es ist zu erwarten, daß die Verteilung der Lebensmittel in geordneter Weise vor sich gehen wird, sofern alle Beteiligten ihre Pflicht erfüllen. Die Lage an der Front hat sich in den letzten Tagen nicht wesentlich verändert. Wie aus amtlichen Berichten hervorgeht, wurden die Vorbereitungen für die kommenden Wochen mit großem Eifer fortgesetzt. Die Bevölkerung wird ersucht, die Anordnungen der Behörden genau zu befolgen und sich bei den zuständigen Stellen rechtzeitig zu melden. Weitere Mitteilungen werden in den nächsten Tagen erfolgen. Es ist zu erwarten, daß die Verteilung der Lebensmittel in geordneter Weise vor sich gehen wird, sofern alle Beteiligten ihre Pflicht erfüllen. Die Lage an der Front hat sich in den letzten Tagen nicht wesentlich verändert. Wie aus amtlichen Berichten hervorgeht, wurden die Vorbereitungen für die kommenden Wochen mit großem Eifer fortgesetzt. Die Bevölkerung wird ersucht, die Anordnungen der Behörden genau zu befolgen und sich bei den zuständigen Stellen rechtzeitig zu melden. Weitere Mitteilungen werden in den nächsten Tagen erfolgen. Es ist zu erwarten, daß die Verteilung der Lebensmittel in geordneter Weise vor sich gehen wird, sofern alle Beteiligten ihre Pflicht erfüllen. Die Lage an der Front hat sich in den letzten Tagen nicht wesentlich verändert. Wie aus amtlichen Berichten hervorgeht, wurden die Vorbereitungen für die kommenden Wochen mit großem Eifer fortgesetzt. Die Bevölkerung wird ersucht, die Anordnungen der Behörden genau zu befolgen und sich bei den zuständigen Stellen rechtzeitig zu melden. Weitere Mitteilungen werden in den nächsten Tagen erfolgen. Es ist zu erwarten, daß die Verteilung der Lebensmittel in geordneter Weise vor sich gehen wird, sofern alle Beteiligten ihre Pflicht erfüllen.
Weck's! in der Ernährungspolitik.
Die Lage an der Front hat sich in den letzten Tagen nicht wesentlich verändert. Wie aus amtlichen Berichten hervorgeht, wurden die Vorbereitungen für die kommenden Wochen mit großem Eifer fortgesetzt. Die Bevölkerung wird ersucht, die Anordnungen der Behörden genau zu befolgen und sich bei den zuständigen Stellen rechtzeitig zu melden. Weitere Mitteilungen werden in den nächsten Tagen erfolgen. Es ist zu erwarten, daß die Verteilung der Lebensmittel in geordneter Weise vor sich gehen wird, sofern alle Beteiligten ihre Pflicht erfüllen. Die Lage an der Front hat sich in den letzten Tagen nicht wesentlich verändert. Wie aus amtlichen Berichten hervorgeht, wurden die Vorbereitungen für die kommenden Wochen mit großem Eifer fortgesetzt. Die Bevölkerung wird ersucht, die Anordnungen der Behörden genau zu befolgen und sich bei den zuständigen Stellen rechtzeitig zu melden. Weitere Mitteilungen werden in den nächsten Tagen erfolgen. Es ist zu erwarten, daß die Verteilung der Lebensmittel in geordneter Weise vor sich gehen wird, sofern alle Beteiligten ihre Pflicht erfüllen. Die Lage an der Front hat sich in den letzten Tagen nicht wesentlich verändert. Wie aus amtlichen Berichten hervorgeht, wurden die Vorbereitungen für die kommenden Wochen mit großem Eifer fortgesetzt. Die Bevölkerung wird ersucht, die Anordnungen der Behörden genau zu befolgen und sich bei den zuständigen Stellen rechtzeitig zu melden. Weitere Mitteilungen werden in den nächsten Tagen erfolgen. Es ist zu erwarten, daß die Verteilung der Lebensmittel in geordneter Weise vor sich gehen wird, sofern alle Beteiligten ihre Pflicht erfüllen. Die Lage an der Front hat sich in den letzten Tagen nicht wesentlich verändert. Wie aus amtlichen Berichten hervorgeht, wurden die Vorbereitungen für die kommenden Wochen mit großem Eifer fortgesetzt. Die Bevölkerung wird ersucht, die Anordnungen der Behörden genau zu befolgen und sich bei den zuständigen Stellen rechtzeitig zu melden. Weitere Mitteilungen werden in den nächsten Tagen erfolgen. Es ist zu erwarten, daß die Verteilung der Lebensmittel in geordneter Weise vor sich gehen wird, sofern alle Beteiligten ihre Pflicht erfüllen. Die Lage an der Front hat sich in den letzten Tagen nicht wesentlich verändert. Wie aus amtlichen Berichten hervorgeht, wurden die Vorbereitungen für die kommenden Wochen mit großem Eifer fortgesetzt. Die Bevölkerung wird ersucht, die Anordnungen der Behörden genau zu befolgen und sich bei den zuständigen Stellen rechtzeitig zu melden. Weitere Mitteilungen werden in den nächsten Tagen erfolgen. Es ist zu erwarten, daß die Verteilung der Lebensmittel in geordneter Weise vor sich gehen wird, sofern alle Beteiligten ihre Pflicht erfüllen. Die Lage an der Front hat sich in den letzten Tagen nicht wesentlich verändert. Wie aus amtlichen Berichten hervorgeht, wurden die Vorbereitungen für die kommenden Wochen mit großem Eifer fortgesetzt. Die Bevölkerung wird ersucht, die Anordnungen der Behörden genau zu befolgen und sich bei den zuständigen Stellen rechtzeitig zu melden. Weitere Mitteilungen werden in den nächsten Tagen erfolgen. Es ist zu erwarten, daß die Verteilung der Lebensmittel in geordneter Weise vor sich gehen wird, sofern alle Beteiligten ihre Pflicht erfüllen. Die Lage an der Front hat sich in den letzten Tagen nicht wesentlich verändert. Wie aus amtlichen Berichten hervorgeht, wurden die Vorbereitungen für die kommenden Wochen mit großem Eifer fortgesetzt. Die Bevölkerung wird ersucht, die Anordnungen der Behörden genau zu befolgen und sich bei den zuständigen Stellen rechtzeitig zu melden. Weitere Mitteilungen werden in den nächsten Tagen erfolgen. Es ist zu erwarten, daß die Verteilung der Lebensmittel in geordneter Weise vor sich gehen wird, sofern alle Beteiligten ihre Pflicht erfüllen. Die Lage an der Front hat sich in den letzten Tagen nicht wesentlich verändert. Wie aus amtlichen Berichten hervorgeht, wurden die Vorbereitungen für die kommenden Wochen mit großem Eifer fortgesetzt. Die Bevölkerung wird ersucht, die Anordnungen der Behörden genau zu befolgen und sich bei den zuständigen Stellen rechtzeitig zu melden. Weitere Mitteilungen werden in den nächsten Tagen erfolgen. Es ist zu erwarten, daß die Verteilung der Lebensmittel in geordneter Weise vor sich gehen wird, sofern alle Beteiligten ihre Pflicht erfüllen.
Verteilung der Marmelade.
Die Lage an der Front hat sich in den letzten Tagen nicht wesentlich verändert. Wie aus amtlichen Berichten hervorgeht, wurden die Vorbereitungen für die kommenden Wochen mit großem Eifer fortgesetzt. Die Bevölkerung wird ersucht, die Anordnungen der Behörden genau zu befolgen und sich bei den zuständigen Stellen rechtzeitig zu melden. Weitere Mitteilungen werden in den nächsten Tagen erfolgen. Es ist zu erwarten, daß die Verteilung der Lebensmittel in geordneter Weise vor sich gehen wird, sofern alle Beteiligten ihre Pflicht erfüllen. Die Lage an der Front hat sich in den letzten Tagen nicht wesentlich verändert. Wie aus amtlichen Berichten hervorgeht, wurden die Vorbereitungen für die kommenden Wochen mit großem Eifer fortgesetzt. Die Bevölkerung wird ersucht, die Anordnungen der Behörden genau zu befolgen und sich bei den zuständigen Stellen rechtzeitig zu melden. Weitere Mitteilungen werden in den nächsten Tagen erfolgen. Es ist zu erwarten, daß die Verteilung der Lebensmittel in geordneter Weise vor sich gehen wird, sofern alle Beteiligten ihre Pflicht erfüllen. Die Lage an der Front hat sich in den letzten Tagen nicht wesentlich verändert. Wie aus amtlichen Berichten hervorgeht, wurden die Vorbereitungen für die kommenden Wochen mit großem Eifer fortgesetzt. Die Bevölkerung wird ersucht, die Anordnungen der Behörden genau zu befolgen und sich bei den zuständigen Stellen rechtzeitig zu melden. Weitere Mitteilungen werden in den nächsten Tagen erfolgen. Es ist zu erwarten, daß die Verteilung der Lebensmittel in geordneter Weise vor sich gehen wird, sofern alle Beteiligten ihre Pflicht erfüllen.
Sicherstellung der Frühjahrsbestellung.
Die Lage an der Front hat sich in den letzten Tagen nicht wesentlich verändert. Wie aus amtlichen Berichten hervorgeht, wurden die Vorbereitungen für die kommenden Wochen mit großem Eifer fortgesetzt. Die Bevölkerung wird ersucht, die Anordnungen der Behörden genau zu befolgen und sich bei den zuständigen Stellen rechtzeitig zu melden. Weitere Mitteilungen werden in den nächsten Tagen erfolgen. Es ist zu erwarten, daß die Verteilung der Lebensmittel in geordneter Weise vor sich gehen wird, sofern alle Beteiligten ihre Pflicht erfüllen. Die Lage an der Front hat sich in den letzten Tagen nicht wesentlich verändert. Wie aus amtlichen Berichten hervorgeht, wurden die Vorbereitungen für die kommenden Wochen mit großem Eifer fortgesetzt. Die Bevölkerung wird ersucht, die Anordnungen der Behörden genau zu befolgen und sich bei den zuständigen Stellen rechtzeitig zu melden. Weitere Mitteilungen werden in den nächsten Tagen erfolgen. Es ist zu erwarten, daß die Verteilung der Lebensmittel in geordneter Weise vor sich gehen wird, sofern alle Beteiligten ihre Pflicht erfüllen. Die Lage an der Front hat sich in den letzten Tagen nicht wesentlich verändert. Wie aus amtlichen Berichten hervorgeht, wurden die Vorbereitungen für die kommenden Wochen mit großem Eifer fortgesetzt. Die Bevölkerung wird ersucht, die Anordnungen der Behörden genau zu befolgen und sich bei den zuständigen Stellen rechtzeitig zu melden. Weitere Mitteilungen werden in den nächsten Tagen erfolgen. Es ist zu erwarten, daß die Verteilung der Lebensmittel in geordneter Weise vor sich gehen wird, sofern alle Beteiligten ihre Pflicht erfüllen. Die Lage an der Front hat sich in den letzten Tagen nicht wesentlich verändert. Wie aus amtlichen Berichten hervorgeht, wurden die Vorbereitungen für die kommenden Wochen mit großem Eifer fortgesetzt. Die Bevölkerung wird ersucht, die Anordnungen der Behörden genau zu befolgen und sich bei den zuständigen Stellen rechtzeitig zu melden. Weitere Mitteilungen werden in den nächsten Tagen erfolgen. Es ist zu erwarten, daß die Verteilung der Lebensmittel in geordneter Weise vor sich gehen wird, sofern alle Beteiligten ihre Pflicht erfüllen. Die Lage an der Front hat sich in den letzten Tagen nicht wesentlich verändert. Wie aus amtlichen Berichten hervorgeht, wurden die Vorbereitungen für die kommenden Wochen mit großem Eifer fortgesetzt. Die Bevölkerung wird ersucht, die Anordnungen der Behörden genau zu befolgen und sich bei den zuständigen Stellen rechtzeitig zu melden. Weitere Mitteilungen werden in den nächsten Tagen erfolgen. Es ist zu erwarten, daß die Verteilung der Lebensmittel in geordneter Weise vor sich gehen wird, sofern alle Beteiligten ihre Pflicht erfüllen. Die Lage an der Front hat sich in den letzten Tagen nicht wesentlich verändert. Wie aus amtlichen Berichten hervorgeht, wurden die Vorbereitungen für die kommenden Wochen mit großem Eifer fortgesetzt. Die Bevölkerung wird ersucht, die Anordnungen der Behörden genau zu befolgen und sich bei den zuständigen Stellen rechtzeitig zu melden. Weitere Mitteilungen werden in den nächsten Tagen erfolgen. Es ist zu erwarten, daß die Verteilung der Lebensmittel in geordneter Weise vor sich gehen wird, sofern alle Beteiligten ihre Pflicht erfüllen. Die Lage an der Front hat sich in den letzten Tagen nicht wesentlich verändert. Wie aus amtlichen Berichten hervorgeht, wurden die Vorbereitungen für die kommenden Wochen mit großem Eifer fortgesetzt. Die Bevölkerung wird ersucht, die Anordnungen der Behörden genau zu befolgen und sich bei den zuständigen Stellen rechtzeitig zu melden. Weitere Mitteilungen werden in den nächsten Tagen erfolgen. Es ist zu erwarten, daß die Verteilung der Lebensmittel in geordneter Weise vor sich gehen wird, sofern alle Beteiligten ihre Pflicht erfüllen. Die Lage an der Front hat sich in den letzten Tagen nicht wesentlich verändert. Wie aus amtlichen Berichten hervorgeht, wurden die Vorbereitungen für die kommenden Wochen mit großem Eifer fortgesetzt. Die Bevölkerung wird ersucht, die Anordnungen der Behörden genau zu befolgen und sich bei den zuständigen Stellen rechtzeitig zu melden. Weitere Mitteilungen werden in den nächsten Tagen erfolgen. Es ist zu erwarten, daß die Verteilung der Lebensmittel in geordneter Weise vor sich gehen wird, sofern alle Beteiligten ihre Pflicht erfüllen. Die Lage an der Front hat sich in den letzten Tagen nicht wesentlich verändert. Wie aus amtlichen Berichten hervorgeht, wurden die Vorbereitungen für die kommenden Wochen mit großem Eifer fortgesetzt. Die Bevölkerung wird ersucht, die Anordnungen der Behörden genau zu befolgen und sich bei den zuständigen Stellen rechtzeitig zu melden. Weitere Mitteilungen werden in den nächsten Tagen erfolgen. Es ist zu erwarten, daß die Verteilung der Lebensmittel in geordneter Weise vor sich gehen wird, sofern alle Beteiligten ihre Pflicht erfüllen. Die Lage an der Front hat sich in den letzten Tagen nicht wesentlich verändert. Wie aus amtlichen Berichten hervorgeht, wurden die Vorbereitungen für die kommenden Wochen mit großem Eifer fortgesetzt. Die Bevölkerung wird ersucht, die Anordnungen der Behörden genau zu befolgen und sich bei den zuständigen Stellen rechtzeitig zu melden. Weitere Mitteilungen werden in den nächsten Tagen erfolgen. Es ist zu erwarten, daß die Verteilung der Lebensmittel in geordneter Weise vor sich gehen wird, sofern alle Beteiligten ihre Pflicht erfüllen. Die Lage an der Front hat sich in den letzten Tagen nicht wesentlich verändert. Wie aus amtlichen Berichten hervorgeht, wurden die Vorbereitungen für die kommenden Wochen mit großem Eifer fortgesetzt. Die Bevölkerung wird ersucht, die Anordnungen der Behörden genau zu befolgen und sich bei den zuständigen Stellen rechtzeitig zu melden. Weitere Mitteilungen werden in den nächsten Tagen erfolgen. Es ist zu erwarten, daß die Verteilung der Lebensmittel in geordneter Weise vor sich gehen wird, sofern alle Beteiligten ihre Pflicht erfüllen. Die Lage an der Front hat sich in den letzten Tagen nicht wesentlich verändert. Wie aus amtlichen Berichten hervorgeht, wurden die Vorbereitungen für die kommenden Wochen mit großem Eifer fortgesetzt. Die Bevölkerung wird ersucht, die Anordnungen der Behörden genau zu befolgen und sich bei den zuständigen Stellen rechtzeitig zu melden. Weitere Mitteilungen werden in den nächsten Tagen erfolgen. Es ist zu erwarten, daß die Verteilung der Lebensmittel in geordneter Weise vor sich gehen wird, sofern alle Beteiligten ihre Pflicht erfüllen.
Die Lage an der Front hat sich in den letzten Tagen nicht wesentlich verändert. Wie aus amtlichen Berichten hervorgeht, wurden die Vorbereitungen für die kommenden Wochen mit großem Eifer fortgesetzt. Die Bevölkerung wird ersucht, die Anordnungen der Behörden genau zu befolgen und sich bei den zuständigen Stellen rechtzeitig zu melden. Weitere Mitteilungen werden in den nächsten Tagen erfolgen. Es ist zu erwarten, daß die Verteilung der Lebensmittel in geordneter Weise vor sich gehen wird, sofern alle Beteiligten ihre Pflicht erfüllen. Die Lage an der Front hat sich in den letzten Tagen nicht wesentlich verändert. Wie aus amtlichen Berichten hervorgeht, wurden die Vorbereitungen für die kommenden Wochen mit großem Eifer fortgesetzt. Die Bevölkerung wird ersucht, die Anordnungen der Behörden genau zu befolgen und sich bei den zuständigen Stellen rechtzeitig zu melden. Weitere Mitteilungen werden in den nächsten Tagen erfolgen. Es ist zu erwarten, daß die Verteilung der Lebensmittel in geordneter Weise vor sich gehen wird, sofern alle Beteiligten ihre Pflicht erfüllen. Die Lage an der Front hat sich in den letzten Tagen nicht wesentlich verändert. Wie aus amtlichen Berichten hervorgeht, wurden die Vorbereitungen für die kommenden Wochen mit großem Eifer fortgesetzt. Die Bevölkerung wird ersucht, die Anordnungen der Behörden genau zu befolgen und sich bei den zuständigen Stellen rechtzeitig zu melden. Weitere Mitteilungen werden in den nächsten Tagen erfolgen. Es ist zu erwarten, daß die Verteilung der Lebensmittel in geordneter Weise vor sich gehen wird, sofern alle Beteiligten ihre Pflicht erfüllen. Die Lage an der Front hat sich in den letzten Tagen nicht wesentlich verändert. Wie aus amtlichen Berichten hervorgeht, wurden die Vorbereitungen für die kommenden Wochen mit großem Eifer fortgesetzt. Die Bevölkerung wird ersucht, die Anordnungen der Behörden genau zu befolgen und sich bei den zuständigen Stellen rechtzeitig zu melden. Weitere Mitteilungen werden in den nächsten Tagen erfolgen. Es ist zu erwarten, daß die Verteilung der Lebensmittel in geordneter Weise vor sich gehen wird, sofern alle Beteiligten ihre Pflicht erfüllen.
Wiedereinführung der Sommerzeit.
Die Lage an der Front hat sich in den letzten Tagen nicht wesentlich verändert. Wie aus amtlichen Berichten hervorgeht, wurden die Vorbereitungen für die kommenden Wochen mit großem Eifer fortgesetzt. Die Bevölkerung wird ersucht, die Anordnungen der Behörden genau zu befolgen und sich bei den zuständigen Stellen rechtzeitig zu melden. Weitere Mitteilungen werden in den nächsten Tagen erfolgen. Es ist zu erwarten, daß die Verteilung der Lebensmittel in geordneter Weise vor sich gehen wird, sofern alle Beteiligten ihre Pflicht erfüllen. Die Lage an der Front hat sich in den letzten Tagen nicht wesentlich verändert. Wie aus amtlichen Berichten hervorgeht, wurden die Vorbereitungen für die kommenden Wochen mit großem Eifer fortgesetzt. Die Bevölkerung wird ersucht, die Anordnungen der Behörden genau zu befolgen und sich bei den zuständigen Stellen rechtzeitig zu melden. Weitere Mitteilungen werden in den nächsten Tagen erfolgen. Es ist zu erwarten, daß die Verteilung der Lebensmittel in geordneter Weise vor sich gehen wird, sofern alle Beteiligten ihre Pflicht erfüllen. Die Lage an der Front hat sich in den letzten Tagen nicht wesentlich verändert. Wie aus amtlichen Berichten hervorgeht, wurden die Vorbereitungen für die kommenden Wochen mit großem Eifer fortgesetzt. Die Bevölkerung wird ersucht, die Anordnungen der Behörden genau zu befolgen und sich bei den zuständigen Stellen rechtzeitig zu melden. Weitere Mitteilungen werden in den nächsten Tagen erfolgen. Es ist zu erwarten, daß die Verteilung der Lebensmittel in geordneter Weise vor sich gehen wird, sofern alle Beteiligten ihre Pflicht erfüllen. Die Lage an der Front hat sich in den letzten Tagen nicht wesentlich verändert. Wie aus amtlichen Berichten hervorgeht, wurden die Vorbereitungen für die kommenden Wochen mit großem Eifer fortgesetzt. Die Bevölkerung wird ersucht, die Anordnungen der Behörden genau zu befolgen und sich bei den zuständigen Stellen rechtzeitig zu melden. Weitere Mitteilungen werden in den nächsten Tagen erfolgen. Es ist zu erwarten, daß die Verteilung der Lebensmittel in geordneter Weise vor sich gehen wird, sofern alle Beteiligten ihre Pflicht erfüllen. Die Lage an der Front hat sich in den letzten Tagen nicht wesentlich verändert. Wie aus amtlichen Berichten hervorgeht, wurden die Vorbereitungen für die kommenden Wochen mit großem Eifer fortgesetzt. Die Bevölkerung wird ersucht, die Anordnungen der Behörden genau zu befolgen und sich bei den zuständigen Stellen rechtzeitig zu melden. Weitere Mitteilungen werden in den nächsten Tagen erfolgen. Es ist zu erwarten, daß die Verteilung der Lebensmittel in geordneter Weise vor sich gehen wird, sofern alle Beteiligten ihre Pflicht erfüllen. Die Lage an der Front hat sich in den letzten Tagen nicht wesentlich verändert. Wie aus amtlichen Berichten hervorgeht, wurden die Vorbereitungen für die kommenden Wochen mit großem Eifer fortgesetzt. Die Bevölkerung wird ersucht, die Anordnungen der Behörden genau zu befolgen und sich bei den zuständigen Stellen rechtzeitig zu melden. Weitere Mitteilungen werden in den nächsten Tagen erfolgen. Es ist zu erwarten, daß die Verteilung der Lebensmittel in geordneter Weise vor sich gehen wird, sofern alle Beteiligten ihre Pflicht erfüllen. Die Lage an der Front hat sich in den letzten Tagen nicht wesentlich verändert. Wie aus amtlichen Berichten hervorgeht, wurden die Vorbereitungen für die kommenden Wochen mit großem Eifer fortgesetzt. Die Bevölkerung wird ersucht, die Anordnungen der Behörden genau zu befolgen und sich bei den zuständigen Stellen rechtzeitig zu melden. Weitere Mitteilungen werden in den nächsten Tagen erfolgen. Es ist zu erwarten, daß die Verteilung der Lebensmittel in geordneter Weise vor sich gehen wird, sofern alle Beteiligten ihre Pflicht erfüllen. Die Lage an der Front hat sich in den letzten Tagen nicht wesentlich verändert. Wie aus amtlichen Berichten hervorgeht, wurden die Vorbereitungen für die kommenden Wochen mit großem Eifer fortgesetzt. Die Bevölkerung wird ersucht, die Anordnungen der Behörden genau zu befolgen und sich bei den zuständigen Stellen rechtzeitig zu melden. Weitere Mitteilungen werden in den nächsten Tagen erfolgen. Es ist zu erwarten, daß die Verteilung der Lebensmittel in geordneter Weise vor sich gehen wird, sofern alle Beteiligten ihre Pflicht erfüllen. Die Lage an der Front hat sich in den letzten Tagen nicht wesentlich verändert. Wie aus amtlichen Berichten hervorgeht, wurden die Vorbereitungen für die kommenden Wochen mit großem Eifer fortgesetzt. Die Bevölkerung wird ersucht, die Anordnungen der Behörden genau zu befolgen und sich bei den zuständigen Stellen rechtzeitig zu melden. Weitere Mitteilungen werden in den nächsten Tagen erfolgen. Es ist zu erwarten, daß die Verteilung der Lebensmittel in geordneter Weise vor sich gehen wird, sofern alle Beteiligten ihre Pflicht erfüllen.
U-Boote als Pate'sche.
Die Lage an der Front hat sich in den letzten Tagen nicht wesentlich verändert. Wie aus amtlichen Berichten hervorgeht, wurden die Vorbereitungen für die kommenden Wochen mit großem Eifer fortgesetzt. Die Bevölkerung wird ersucht, die Anordnungen der Behörden genau zu befolgen und sich bei den zuständigen Stellen rechtzeitig zu melden. Weitere Mitteilungen werden in den nächsten Tagen erfolgen. Es ist zu erwarten, daß die Verteilung der Lebensmittel in geordneter Weise vor sich gehen wird, sofern alle Beteiligten ihre Pflicht erfüllen. Die Lage an der Front hat sich in den letzten Tagen nicht wesentlich verändert. Wie aus amtlichen Berichten hervorgeht, wurden die Vorbereitungen für die kommenden Wochen mit großem Eifer fortgesetzt. Die Bevölkerung wird ersucht, die Anordnungen der Behörden genau zu befolgen und sich bei den zuständigen Stellen rechtzeitig zu melden. Weitere Mitteilungen werden in den nächsten Tagen erfolgen. Es ist zu erwarten, daß die Verteilung der Lebensmittel in geordneter Weise vor sich gehen wird, sofern alle Beteiligten ihre Pflicht erfüllen. Die Lage an der Front hat sich in den letzten Tagen nicht wesentlich verändert. Wie aus amtlichen Berichten hervorgeht, wurden die Vorbereitungen für die kommenden Wochen mit großem Eifer fortgesetzt. Die Bevölkerung wird ersucht, die Anordnungen der Behörden genau zu befolgen und sich bei den zuständigen Stellen rechtzeitig zu melden. Weitere Mitteilungen werden in den nächsten Tagen erfolgen. Es ist zu erwarten, daß die Verteilung der Lebensmittel in geordneter Weise vor sich gehen wird, sofern alle Beteiligten ihre Pflicht erfüllen. Die Lage an der Front hat sich in den letzten Tagen nicht wesentlich verändert. Wie aus amtlichen Berichten hervorgeht, wurden die Vorbereitungen für die kommenden Wochen mit großem Eifer fortgesetzt. Die Bevölkerung wird ersucht, die Anordnungen der Behörden genau zu befolgen und sich bei den zuständigen Stellen rechtzeitig zu melden. Weitere Mitteilungen werden in den nächsten Tagen erfolgen. Es ist zu erwarten, daß die Verteilung der Lebensmittel in geordneter Weise vor sich gehen wird, sofern alle Beteiligten ihre Pflicht erfüllen. Die Lage an der Front hat sich in den letzten Tagen nicht wesentlich verändert. Wie aus amtlichen Berichten hervorgeht, wurden die Vorbereitungen für die kommenden Wochen mit großem Eifer fortgesetzt. Die Bevölkerung wird ersucht, die Anordnungen der Behörden genau zu befolgen und sich bei den zuständigen Stellen rechtzeitig zu melden. Weitere Mitteilungen werden in den nächsten Tagen erfolgen. Es ist zu erwarten, daß die Verteilung der Lebensmittel in geordneter Weise vor sich gehen wird, sofern alle Beteiligten ihre Pflicht erfüllen. Die Lage an der Front hat sich in den letzten Tagen nicht wesentlich verändert. Wie aus amtlichen Berichten hervorgeht, wurden die Vorbereitungen für die kommenden Wochen mit großem Eifer fortgesetzt. Die Bevölkerung wird ersucht, die Anordnungen der Behörden genau zu befolgen und sich bei den zuständigen Stellen rechtzeitig zu melden. Weitere Mitteilungen werden in den nächsten Tagen erfolgen. Es ist zu erwarten, daß die Verteilung der Lebensmittel in geordneter Weise vor sich gehen wird, sofern alle Beteiligten ihre Pflicht erfüllen. Die Lage an der Front hat sich in den letzten Tagen nicht wesentlich verändert. Wie aus amtlichen Berichten hervorgeht, wurden die Vorbereitungen für die kommenden Wochen mit großem Eifer fortgesetzt. Die Bevölkerung wird ersucht, die Anordnungen der Behörden genau zu befolgen und sich bei den zuständigen Stellen rechtzeitig zu melden. Weitere Mitteilungen werden in den nächsten Tagen erfolgen. Es ist zu erwarten, daß die Verteilung der Lebensmittel in geordneter Weise vor sich gehen wird, sofern alle Beteiligten ihre Pflicht erfüllen. Die Lage an der Front hat sich in den letzten Tagen nicht wesentlich verändert. Wie aus amtlichen Berichten hervorgeht, wurden die Vorbereitungen für die kommenden Wochen mit großem Eifer fortgesetzt. Die Bevölkerung wird ersucht, die Anordnungen der Behörden genau zu befolgen und sich bei den zuständigen Stellen rechtzeitig zu melden. Weitere Mitteilungen werden in den nächsten Tagen erfolgen. Es ist zu erwarten, daß die Verteilung der Lebensmittel in geordneter Weise vor sich gehen wird, sofern alle Beteiligten ihre Pflicht erfüllen. Die Lage an der Front hat sich in den letzten Tagen nicht wesentlich verändert. Wie aus amtlichen Berichten hervorgeht, wurden die Vorbereitungen für die kommenden Wochen mit großem Eifer fortgesetzt. Die Bevölkerung wird ersucht, die Anordnungen der Behörden genau zu befolgen und sich bei den zuständigen Stellen rechtzeitig zu melden. Weitere Mitteilungen werden in den nächsten Tagen erfolgen. Es ist zu erwarten, daß die Verteilung der Lebensmittel in geordneter Weise vor sich gehen wird, sofern alle Beteiligten ihre Pflicht erfüllen. Die Lage an der Front hat sich in den letzten Tagen nicht wesentlich verändert. Wie aus amtlichen Berichten hervorgeht, wurden die Vorbereitungen für die kommenden Wochen mit großem Eifer fortgesetzt. Die Bevölkerung wird ersucht, die Anordnungen der Behörden genau zu befolgen und sich bei den zuständigen Stellen rechtzeitig zu melden. Weitere Mitteilungen werden in den nächsten Tagen erfolgen. Es ist zu erwarten, daß die Verteilung der Lebensmittel in geordneter Weise vor sich gehen wird, sofern alle Beteiligten ihre Pflicht erfüllen. Die Lage an der Front hat sich in den letzten Tagen nicht wesentlich verändert. Wie aus amtlichen Berichten hervorgeht, wurden die Vorbereitungen für die kommenden Wochen mit großem Eifer fortgesetzt. Die Bevölkerung wird ersucht, die Anordnungen der Behörden genau zu befolgen und sich bei den zuständigen Stellen rechtzeitig zu melden. Weitere Mitteilungen werden in den nächsten Tagen erfolgen. Es ist zu erwarten, daß die Verteilung der Lebensmittel in geordneter Weise vor sich gehen wird, sofern alle Beteiligten ihre Pflicht erfüllen. Die Lage an der Front hat sich in den letzten Tagen nicht wesentlich verändert. Wie aus amtlichen Berichten hervorgeht, wurden die Vorbereitungen für die kommenden Wochen mit großem Eifer fortgesetzt. Die Bevölkerung wird ersucht, die Anordnungen der Behörden genau zu befolgen und sich bei den zuständigen Stellen rechtzeitig zu melden. Weitere Mitteilungen werden in den nächsten Tagen erfolgen. Es ist zu erwarten, daß die Verteilung der Lebensmittel in geordneter Weise vor sich gehen wird, sofern alle Beteiligten ihre Pflicht erfüllen. Die Lage an der Front hat sich in den letzten Tagen nicht wesentlich verändert. Wie aus amtlichen Berichten hervorgeht, wurden die Vorbereitungen für die kommenden Wochen mit großem Eifer fortgesetzt. Die Bevölkerung wird ersucht, die Anordnungen der Behörden genau zu befolgen und sich bei den zuständigen Stellen rechtzeitig zu melden. Weitere Mitteilungen werden in den nächsten Tagen erfolgen. Es ist zu erwarten, daß die Verteilung der Lebensmittel in geordneter Weise vor sich gehen wird, sofern alle Beteiligten ihre Pflicht erfüllen. Die Lage an der Front hat sich in den letzten Tagen nicht wesentlich verändert. Wie aus amtlichen Berichten hervorgeht, wurden die Vorbereitungen für die kommenden Wochen mit großem Eifer fortgesetzt. Die Bevölkerung wird ersucht, die Anordnungen der Behörden genau zu befolgen und sich bei den zuständigen Stellen rechtzeitig zu melden. Weitere Mitteilungen werden in den nächsten Tagen erfolgen. Es ist zu erwarten, daß die Verteilung der Lebensmittel in geordneter Weise vor sich gehen wird, sofern alle Beteiligten ihre Pflicht erfüllen. Die Lage an der Front hat sich in den letzten Tagen nicht wesentlich verändert. Wie aus amtlichen Berichten hervorgeht, wurden die Vorbereitungen für die kommenden Wochen mit großem Eifer fortgesetzt. Die Bevölkerung wird ersucht, die Anordnungen der Behörden genau zu befolgen und sich bei den zuständigen Stellen rechtzeitig zu melden. Weitere Mitteilungen werden in den nächsten Tagen erfolgen. Es ist zu erwarten, daß die Verteilung der Lebensmittel in geordneter Weise vor sich gehen wird, sofern alle Beteiligten ihre Pflicht erfüllen. Die Lage an der Front hat sich in den letzten Tagen nicht wesentlich verändert. Wie aus amtlichen Berichten hervorgeht, wurden die Vorbereitungen für die kommenden Wochen mit großem Eifer fortgesetzt. Die Bevölkerung wird ersucht, die Anordnungen der Behörden genau zu befolgen und sich bei den zuständigen Stellen rechtzeitig zu melden. Weitere Mitteilungen werden in den nächsten Tagen erfolgen. Es ist zu erwarten, daß die Verteilung der Lebensmittel in geordneter Weise vor sich gehen wird, sofern alle Beteiligten ihre Pflicht erfüllen. Die Lage an der Front hat sich in den letzten Tagen nicht wesentlich verändert. Wie aus amtlichen Berichten hervorgeht, wurden die Vorbereitungen für die kommenden Wochen mit großem Eifer fortgesetzt. Die Bevölkerung wird ersucht, die Anordnungen der Behörden genau zu befolgen und sich bei den zuständigen Stellen rechtzeitig zu melden. Weitere Mitteilungen werden in den nächsten Tagen erfolgen. Es ist zu erwarten, daß die Verteilung der Lebensmittel in geordneter Weise vor sich gehen wird, sofern alle Beteiligten ihre Pflicht erfüllen. Die Lage an der Front hat sich in den letzten Tagen nicht wesentlich verändert. Wie aus amtlichen Berichten hervorgeht, wurden die Vorbereitungen für die kommenden Wochen mit großem Eifer fortgesetzt. Die Bevölkerung wird ersucht, die Anordnungen der Behörden genau zu befolgen und sich bei den zuständigen Stellen rechtzeitig zu melden. Weitere Mitteilungen werden in den nächsten Tagen erfolgen. Es ist zu erwarten, daß die Verteilung der Lebensmittel in geordneter Weise vor sich gehen wird, sofern alle Beteiligten ihre Pflicht erfüllen. Die Lage an der Front hat sich in den letzten Tagen nicht wesentlich verändert. Wie aus amtlichen Berichten hervorgeht, wurden die Vorbereitungen für die kommenden Wochen mit großem Eifer fortgesetzt. Die Bevölkerung wird ersucht, die Anordnungen der Behörden genau zu befolgen und sich bei den zuständigen Stellen rechtzeitig zu melden. Weitere Mitteilungen werden in den nächsten Tagen erfolgen. Es ist zu erwarten, daß die Verteilung der Lebensmittel in geordneter Weise vor sich gehen wird, sofern alle Beteiligten ihre Pflicht erfüllen. Die Lage an der Front hat sich in den letzten Tagen nicht wesentlich verändert. Wie aus amtlichen Berichten hervorgeht, wurden die Vorbereitungen für die kommenden Wochen mit großem Eifer fortgesetzt. Die Bevölkerung wird ersucht, die Anordnungen der Behörden genau zu befolgen und sich bei den zuständigen Stellen rechtzeitig zu melden. Weitere Mitteilungen werden in den nächsten Tagen erfolgen. Es ist zu erwarten, daß die Verteilung der Lebensmittel in geordneter Weise vor sich gehen wird, sofern alle Beteiligten ihre Pflicht erfüllen. Die Lage an der Front hat sich in den letzten Tagen nicht wesentlich verändert. Wie aus amtlichen Berichten hervorgeht, wurden die Vorbereitungen für die kommenden Wochen mit großem Eifer fortgesetzt. Die Bevölkerung wird ersucht, die Anordnungen der Behörden genau zu befolgen und sich bei den zuständigen Stellen rechtzeitig zu melden. Weitere Mitteilungen werden in den nächsten Tagen erfolgen. Es ist zu erwarten, daß die Verteilung der Lebensmittel in geordneter Weise vor sich gehen wird, sofern alle Beteiligten ihre Pflicht erfüllen. Die Lage an der Front hat sich in den letzten Tagen nicht wesentlich verändert. Wie aus amtlichen Berichten hervorgeht, wurden die Vorbereitungen für die kommenden Wochen mit großem Eifer fortgesetzt. Die Bevölkerung wird ersucht, die Anordnungen der Behörden genau zu befolgen und sich bei den zuständigen Stellen rechtzeitig zu melden. Weitere Mitteilungen werden in den nächsten Tagen erfolgen. Es ist zu erwarten, daß die Verteilung der Lebensmittel in geordneter Weise vor sich gehen wird, sofern alle Beteiligten ihre Pflicht erfüllen. Die Lage an der Front hat sich in den letzten Tagen nicht wesentlich verändert. Wie aus amtlichen Berichten hervorgeht, wurden die Vorbereitungen für die kommenden Wochen mit großem Eifer fortgesetzt. Die Bevölkerung wird ersucht, die Anordnungen der Behörden genau zu befolgen und sich bei den zuständigen Stellen rechtzeitig zu melden. Weitere Mitteilungen werden in den nächsten Tagen erfolgen. Es ist zu erwarten, daß die Verteilung der Lebensmittel in geordneter Weise vor sich gehen wird, sofern alle Beteiligten ihre Pflicht erfüllen. Die Lage an der Front hat sich in den letzten Tagen nicht wesentlich verändert. Wie aus amtlichen Berichten hervorgeht, wurden die Vorbereitungen für die kommenden Wochen mit großem Eifer fortgesetzt. Die Bevölkerung wird ersucht, die Anordnungen der Behörden genau zu befolgen und sich bei den zuständigen Stellen rechtzeitig zu melden. Weitere Mitteilungen werden in den nächsten Tagen erfolgen. Es ist zu erwarten, daß die Verteilung der Lebensmittel in geordneter Weise vor sich gehen wird, sofern alle Beteiligten ihre Pflicht erfüllen.
